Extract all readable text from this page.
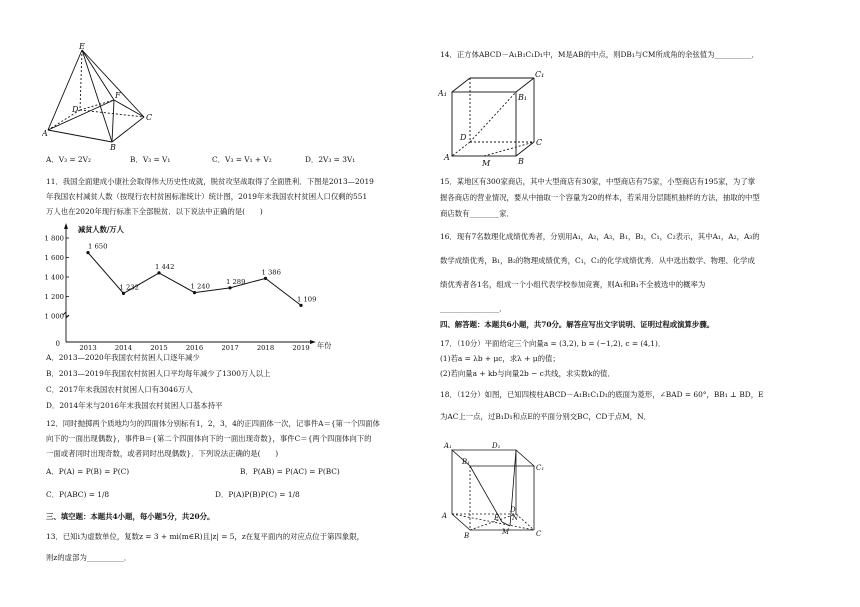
E
D
F
C
A
B
A．V₃ = 2V₂	B．V₃ = V₁	C．V₃ = V₁ + V₂	D．2V₃ = 3V₁
11．我国全面建成小康社会取得伟大历史性成就，脱贫攻坚战取得了全面胜利．下图是2013—2019
年我国农村减贫人数（按现行农村贫困标准统计）统计图，2019年末我国农村贫困人口仅剩的551
万人也在2020年现行标准下全部脱贫．以下说法中正确的是(　　)
减贫人数/万人
年份
0
1 800
1 600
1 400
1 200
1 000
1 650
2013
1 232
2014
1 442
2015
1 240
2016
1 289
2017
1 386
2018
1 109
2019
A．2013—2020年我国农村贫困人口逐年减少
B．2013—2019年我国农村贫困人口平均每年减少了1300万人以上
C．2017年末我国农村贫困人口有3046万人
D．2014年末与2016年末我国农村贫困人口基本持平
12．同时抛掷两个质地均匀的四面体分别标有1，2，3，4的正四面体一次，记事件A＝{第一个四面体
向下的一面出现偶数}，事件B＝{第二个四面体向下的一面出现奇数}，事件C＝{两个四面体向下的
一面或者同时出现奇数，或者同时出现偶数}．下列说法正确的是(　　)
A．P(A) = P(B) = P(C)	B．P(AB) = P(AC) = P(BC)
C．P(ABC) = 1/8	D．P(A)P(B)P(C) = 1/8
三、填空题：本题共4小题，每小题5分，共20分。
13．已知i为虚数单位，复数z = 3 + mi(m∈R)且|z| = 5，z在复平面内的对应点位于第四象限，
则z的虚部为__________．
14．正方体ABCD－A₁B₁C₁D₁中，M是AB的中点，则DB₁与CM所成角的余弦值为__________．
C₁
A₁	B₁
D
C
A
M	B
15．某地区有300家商店，其中大型商店有30家，中型商店有75家，小型商店有195家，为了掌
握各商店的营业情况，要从中抽取一个容量为20的样本，若采用分层随机抽样的方法，抽取的中型
商店数有________家．
16．现有7名数理化成绩优秀者，分别用A₁，A₂，A₃，B₁，B₂，C₁，C₂表示，其中A₁，A₂，A₃的
数学成绩优秀，B₁，B₂的物理成绩优秀，C₁，C₂的化学成绩优秀．从中选出数学、物理、化学成
绩优秀者各1名，组成一个小组代表学校参加竞赛，则A₁和B₁不全被选中的概率为
________________．
四、解答题：本题共6小题，共70分。解答应写出文字说明、证明过程或演算步骤。
17．（10分）平面给定三个向量a = (3,2), b = (−1,2), c = (4,1)．
(1)若a = λb + μc，求λ + μ的值；
(2)若向量a + kb与向量2b − c共线，求实数k的值．
18．（12分）如图，已知四棱柱ABCD－A₁B₁C₁D₁的底面为菱形，∠BAD = 60°，BB₁ ⊥ BD，E
为AC上一点，过B₁D₁和点E的平面分别交BC，CD于点M，N．
A₁	D₁
B₁
C₁
A
D
B	C
E N
M
